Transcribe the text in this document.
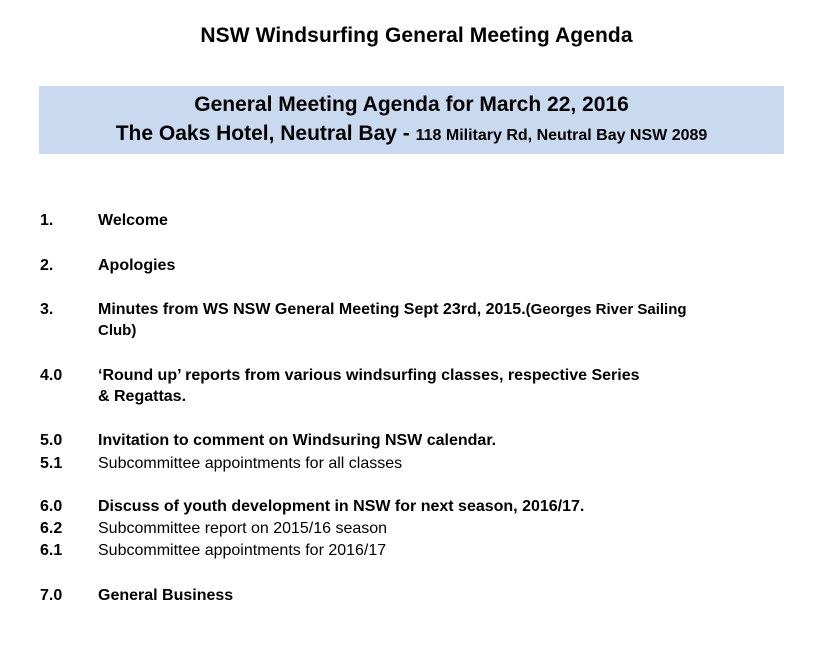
NSW Windsurfing General Meeting Agenda
General Meeting Agenda for March 22, 2016
The Oaks Hotel, Neutral Bay - 118 Military Rd, Neutral Bay NSW 2089
1.	Welcome
2.	Apologies
3.	Minutes from WS NSW General Meeting Sept 23rd, 2015.(Georges River Sailing
Club)
4.0	‘Round up’ reports from various windsurfing classes, respective Series
& Regattas.
5.0	Invitation to comment on Windsuring NSW calendar.
5.1	Subcommittee appointments for all classes
6.0	Discuss of youth development in NSW for next season, 2016/17.
6.2	Subcommittee report on 2015/16 season
6.1	Subcommittee appointments for 2016/17
7.0	General Business
